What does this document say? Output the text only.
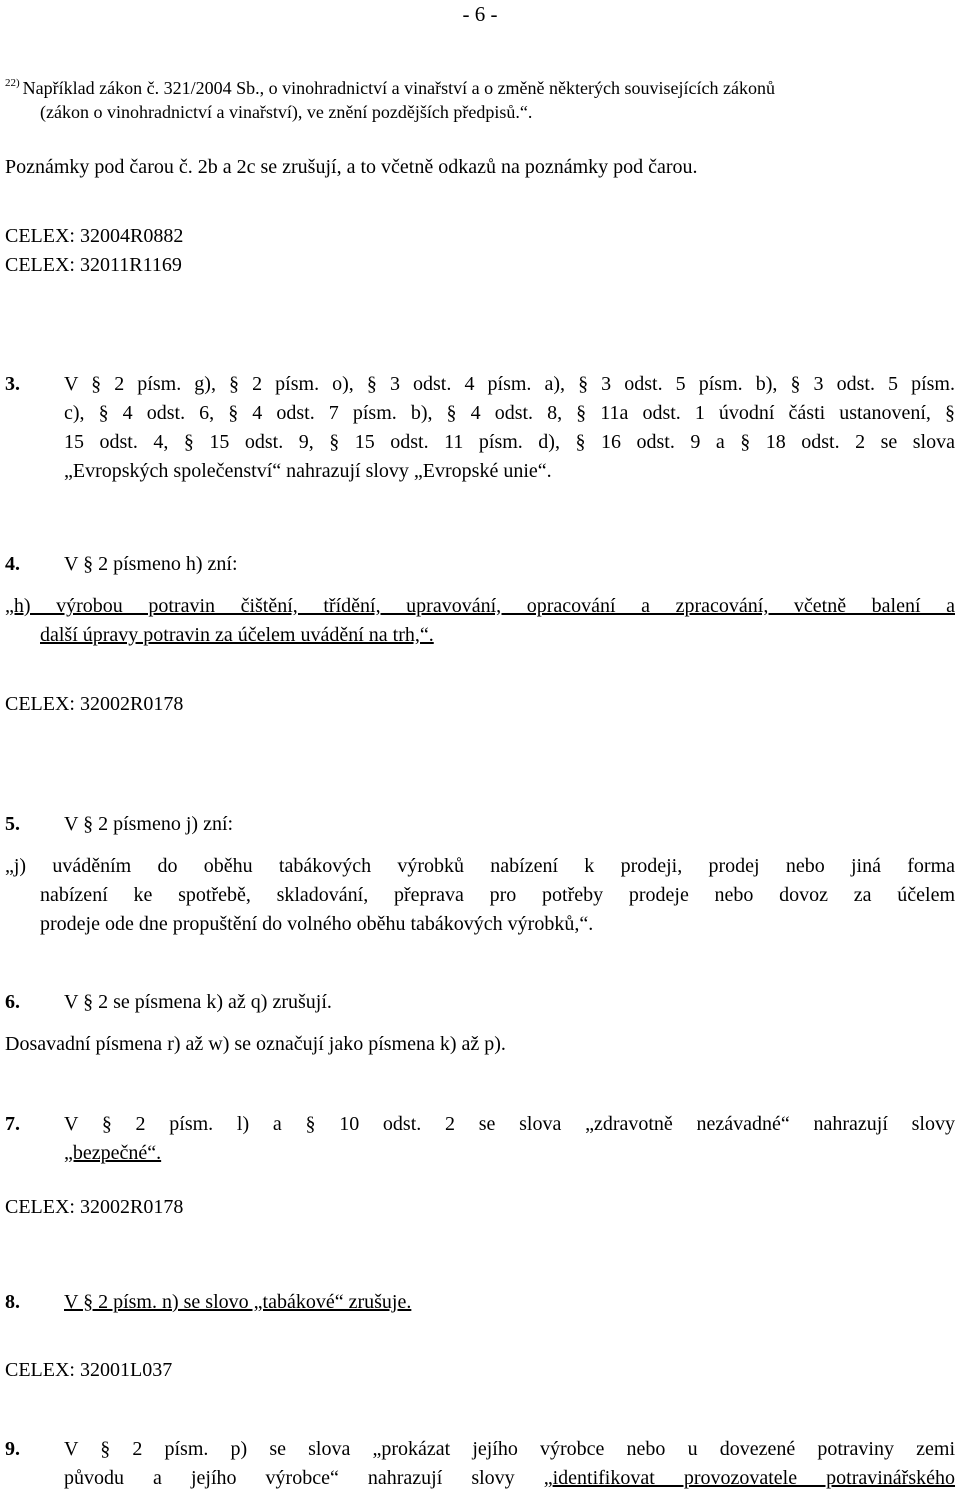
- 6 -
$^{22)}$ Například zákon č. 321/2004 Sb., o vinohradnictví a vinařství a o změně některých souvisejících zákonů
(zákon o vinohradnictví a vinařství), ve znění pozdějších předpisů.“.
Poznámky pod čarou č. 2b a 2c se zrušují, a to včetně odkazů na poznámky pod čarou.
CELEX: 32004R0882
CELEX: 32011R1169
3. V § 2 písm. g), § 2 písm. o), § 3 odst. 4 písm. a), § 3 odst. 5 písm. b), § 3 odst. 5 písm.
c), § 4 odst. 6, § 4 odst. 7 písm. b), § 4 odst. 8, § 11a odst. 1 úvodní části ustanovení, §
15 odst. 4, § 15 odst. 9, § 15 odst. 11 písm. d), § 16 odst. 9 a § 18 odst. 2 se slova
„Evropských společenství“ nahrazují slovy „Evropské unie“.
4. V § 2 písmeno h) zní:
„h) výrobou potravin čištění, třídění, upravování, opracování a zpracování, včetně balení a
další úpravy potravin za účelem uvádění na trh,“.
CELEX: 32002R0178
5. V § 2 písmeno j) zní:
„j) uváděním do oběhu tabákových výrobků nabízení k prodeji, prodej nebo jiná forma
nabízení ke spotřebě, skladování, přeprava pro potřeby prodeje nebo dovoz za účelem
prodeje ode dne propuštění do volného oběhu tabákových výrobků,“.
6. V § 2 se písmena k) až q) zrušují.
Dosavadní písmena r) až w) se označují jako písmena k) až p).
7. V § 2 písm. l) a § 10 odst. 2 se slova „zdravotně nezávadné“ nahrazují slovy
„bezpečné“.
CELEX: 32002R0178
8. V § 2 písm. n) se slovo „tabákové“ zrušuje.
CELEX: 32001L037
9. V § 2 písm. p) se slova „prokázat jejího výrobce nebo u dovezené potraviny zemi
původu a jejího výrobce“ nahrazují slovy „identifikovat provozovatele potravinářského
